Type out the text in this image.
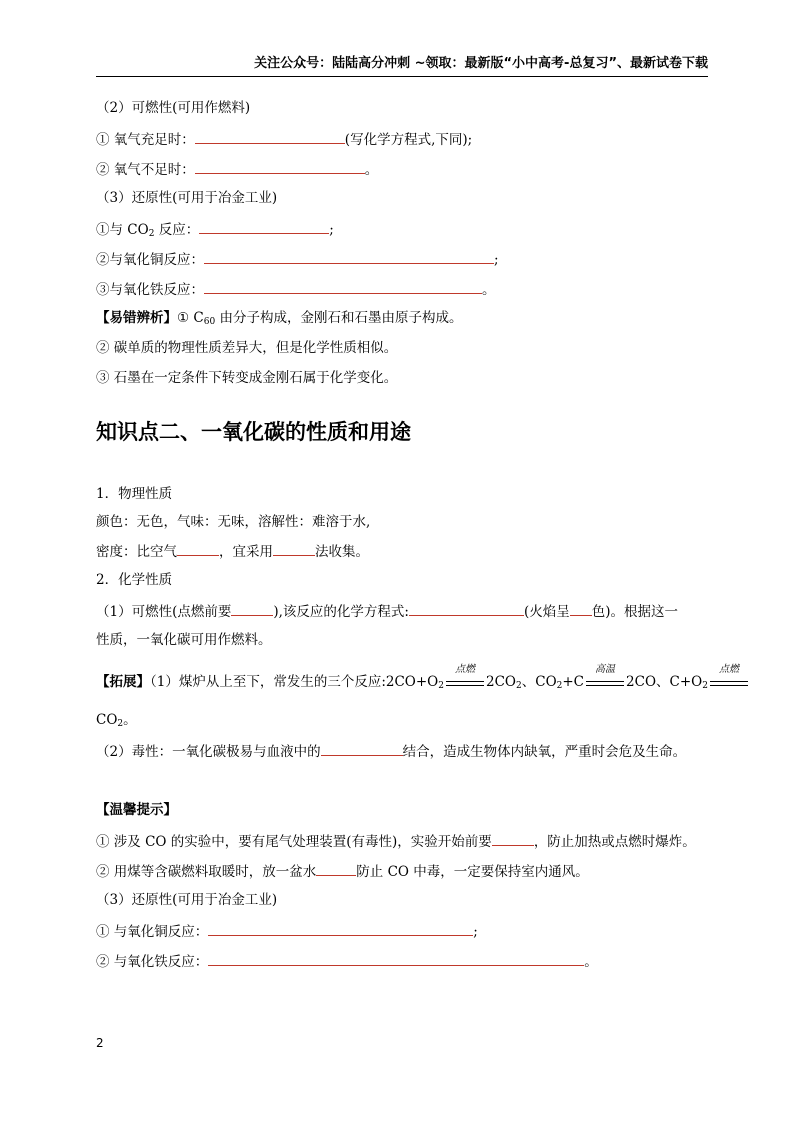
关注公众号：陆陆高分冲刺 ~领取：最新版“小中高考-总复习”、最新试卷下载
（2）可燃性(可用作燃料)
① 氧气充足时：	(写化学方程式,下同);
② 氧气不足时：	。
（3）还原性(可用于冶金工业)
①与 $CO_2$ 反应：	;
②与氧化铜反应：	;
③与氧化铁反应：	。
【易错辨析】① $C_{60}$ 由分子构成，金刚石和石墨由原子构成。
② 碳单质的物理性质差异大，但是化学性质相似。
③ 石墨在一定条件下转变成金刚石属于化学变化。
知识点二、一氧化碳的性质和用途
1．物理性质
颜色：无色，气味：无味，溶解性：难溶于水,
密度：比空气	，宜采用	法收集。
2．化学性质
（1）可燃性(点燃前要	),该反应的化学方程式:	(火焰呈 色)。根据这一
性质，一氧化碳可用作燃料。
【拓展】（1）煤炉从上至下，常发生的三个反应$:2CO+O_2$
点燃
$2CO_2$、$CO_2+C$
高温
2CO、$C+O_2$
点燃
$CO_2$。
（2）毒性：一氧化碳极易与血液中的	结合，造成生物体内缺氧，严重时会危及生命。
【温馨提示】
① 涉及 CO 的实验中，要有尾气处理装置(有毒性)，实验开始前要	，防止加热或点燃时爆炸。
② 用煤等含碳燃料取暖时，放一盆水	防止 CO 中毒，一定要保持室内通风。
（3）还原性(可用于冶金工业)
① 与氧化铜反应：	;
② 与氧化铁反应：	。
2
